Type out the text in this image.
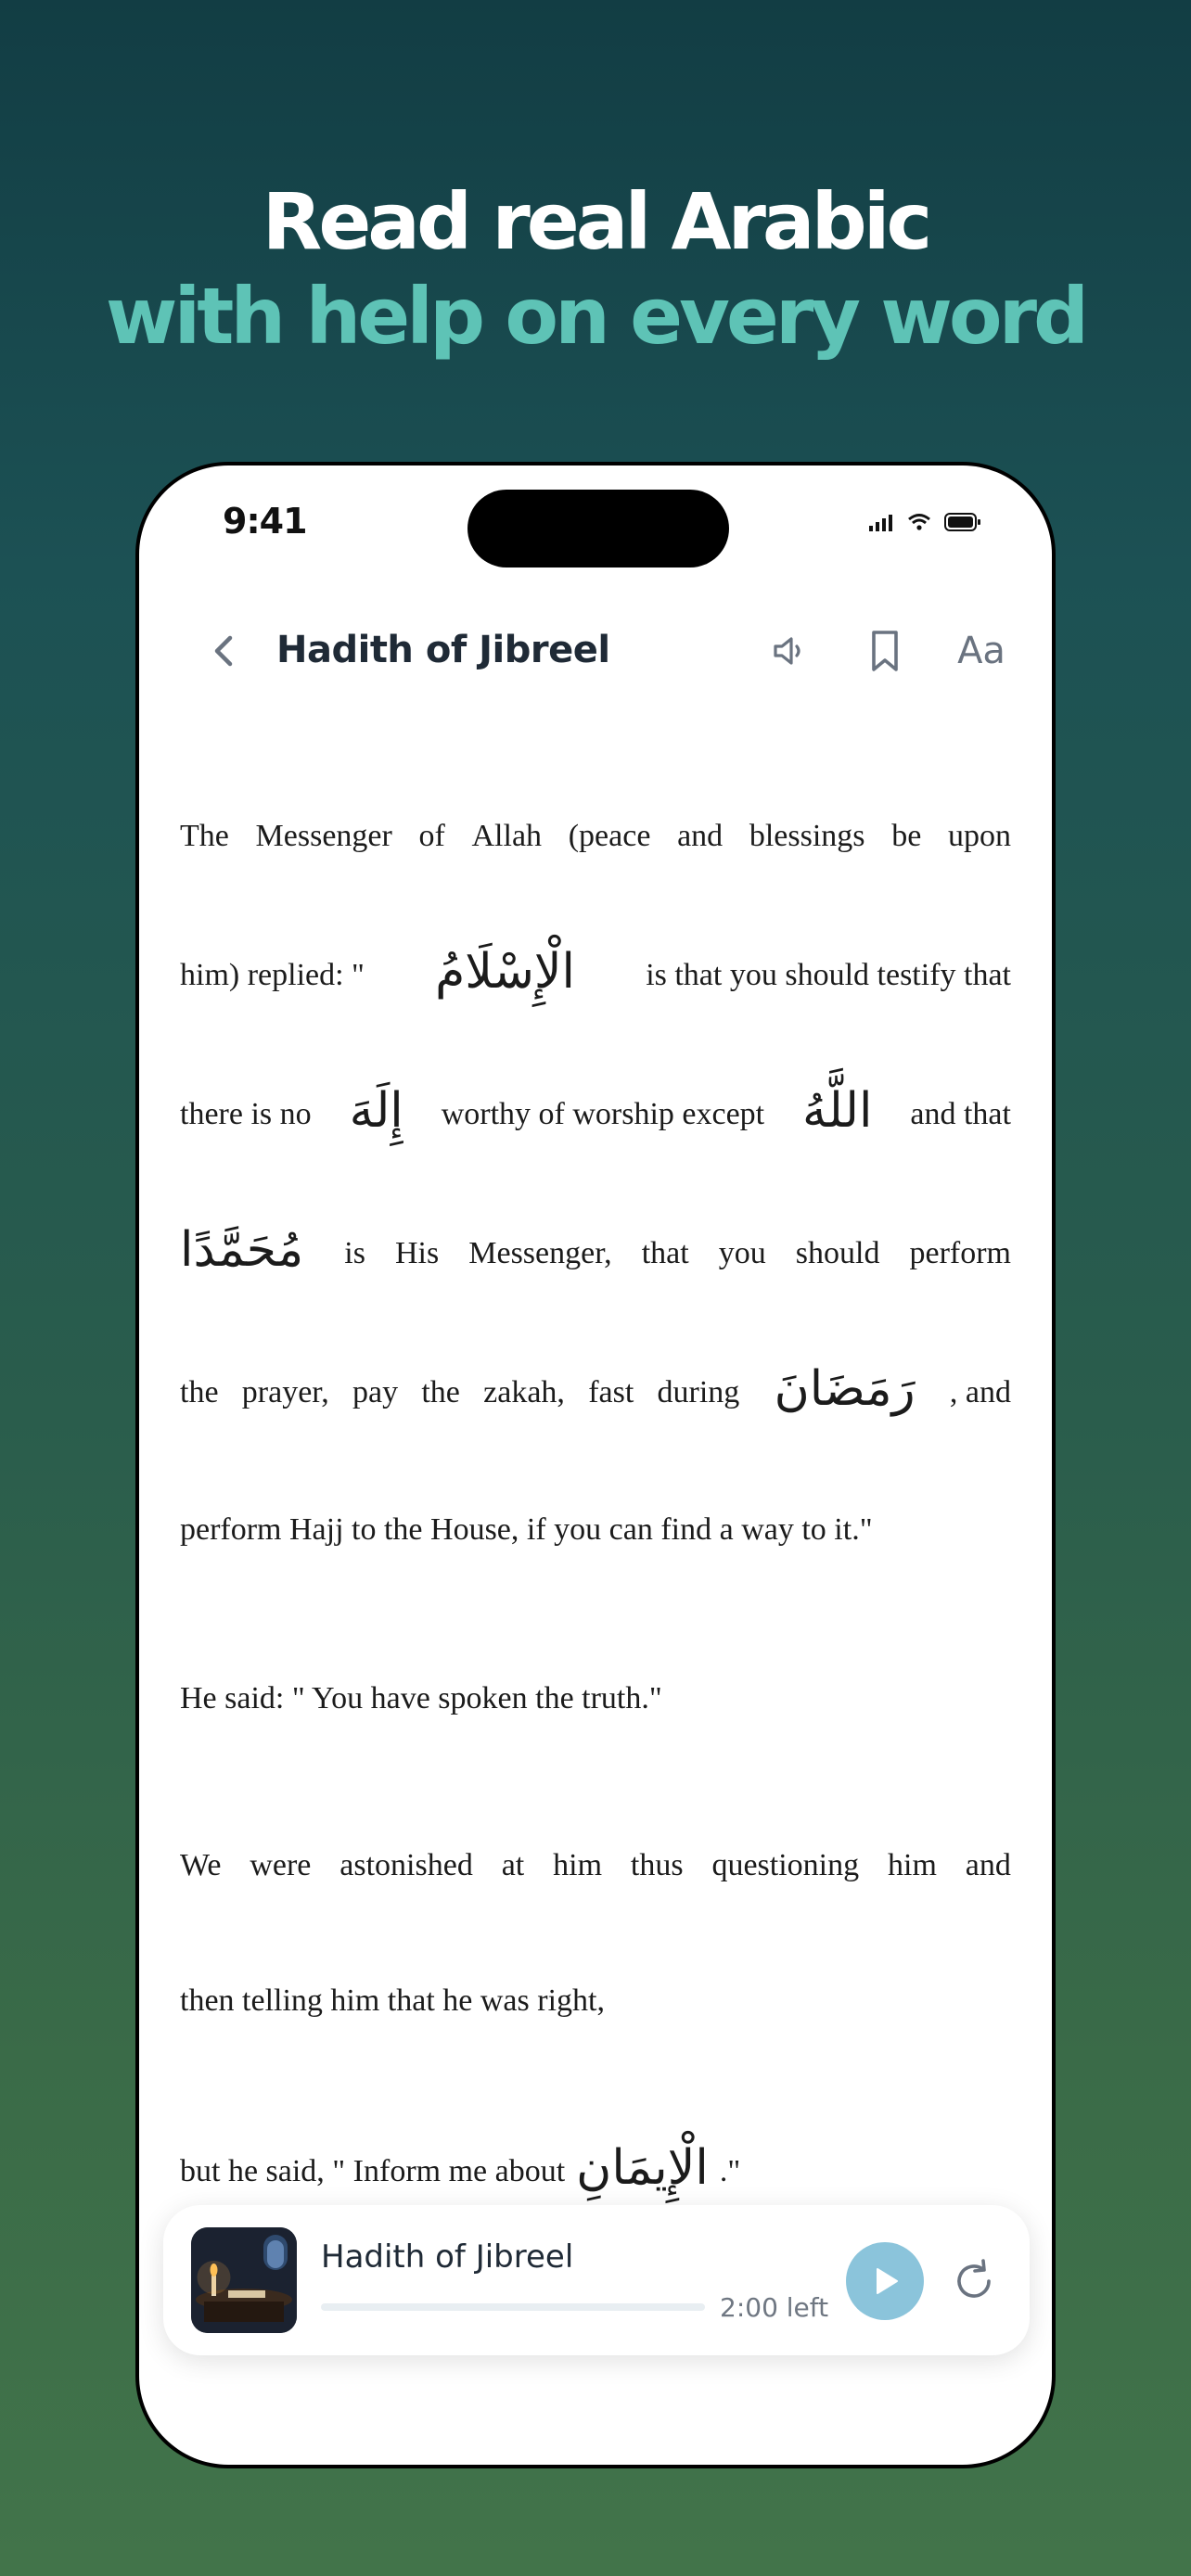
Read real Arabic
with help on every word
9:41
Hadith of Jibreel	Aa
The Messenger of Allah (peace and blessings be upon
him) replied: " الْإِسْلَامُ	is that you should testify that
there is no إِلَهَ	worthy of worship except اللَّهُ	and that
مُحَمَّدًا	is His Messenger, that you should perform
the prayer, pay the zakah, fast during رَمَضَانَ	, and
perform Hajj to the House, if you can find a way to it."
He said: " You have spoken the truth."
We were astonished at him thus questioning him and
then telling him that he was right,
but he said, " Inform me about الْإِيمَانِ ."
Hadith of Jibreel
2:00 left
